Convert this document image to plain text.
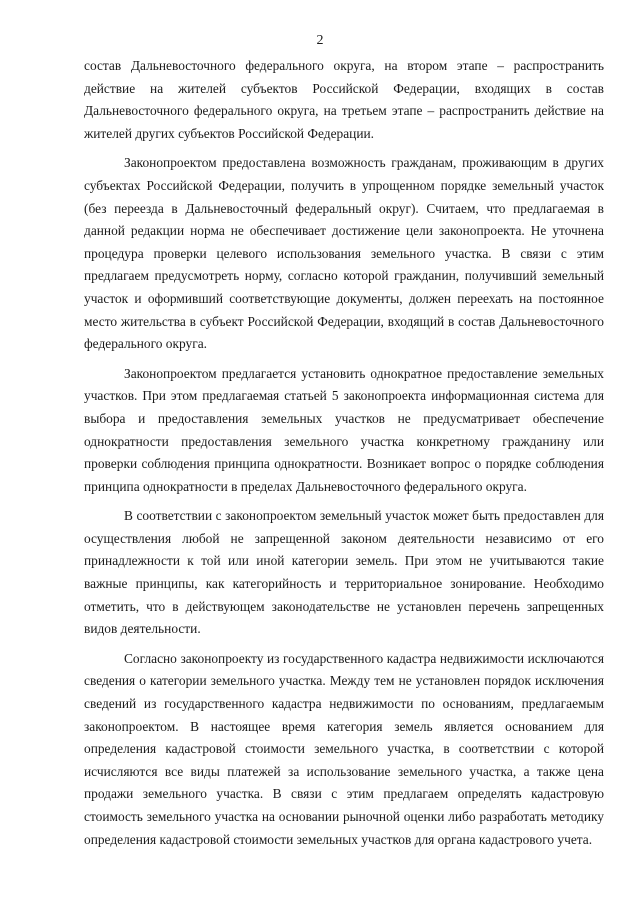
2

состав Дальневосточного федерального округа, на втором этапе – распространить действие на жителей субъектов Российской Федерации, входящих в состав Дальневосточного федерального округа, на третьем этапе – распространить действие на жителей других субъектов Российской Федерации.

Законопроектом предоставлена возможность гражданам, проживающим в других субъектах Российской Федерации, получить в упрощенном порядке земельный участок (без переезда в Дальневосточный федеральный округ). Считаем, что предлагаемая в данной редакции норма не обеспечивает достижение цели законопроекта. Не уточнена процедура проверки целевого использования земельного участка. В связи с этим предлагаем предусмотреть норму, согласно которой гражданин, получивший земельный участок и оформивший соответствующие документы, должен переехать на постоянное место жительства в субъект Российской Федерации, входящий в состав Дальневосточного федерального округа.

Законопроектом предлагается установить однократное предоставление земельных участков. При этом предлагаемая статьей 5 законопроекта информационная система для выбора и предоставления земельных участков не предусматривает обеспечение однократности предоставления земельного участка конкретному гражданину или проверки соблюдения принципа однократности. Возникает вопрос о порядке соблюдения принципа однократности в пределах Дальневосточного федерального округа.

В соответствии с законопроектом земельный участок может быть предоставлен для осуществления любой не запрещенной законом деятельности независимо от его принадлежности к той или иной категории земель. При этом не учитываются такие важные принципы, как категорийность и территориальное зонирование. Необходимо отметить, что в действующем законодательстве не установлен перечень запрещенных видов деятельности.

Согласно законопроекту из государственного кадастра недвижимости исключаются сведения о категории земельного участка. Между тем не установлен порядок исключения сведений из государственного кадастра недвижимости по основаниям, предлагаемым законопроектом. В настоящее время категория земель является основанием для определения кадастровой стоимости земельного участка, в соответствии с которой исчисляются все виды платежей за использование земельного участка, а также цена продажи земельного участка. В связи с этим предлагаем определять кадастровую стоимость земельного участка на основании рыночной оценки либо разработать методику определения кадастровой стоимости земельных участков для органа кадастрового учета.
